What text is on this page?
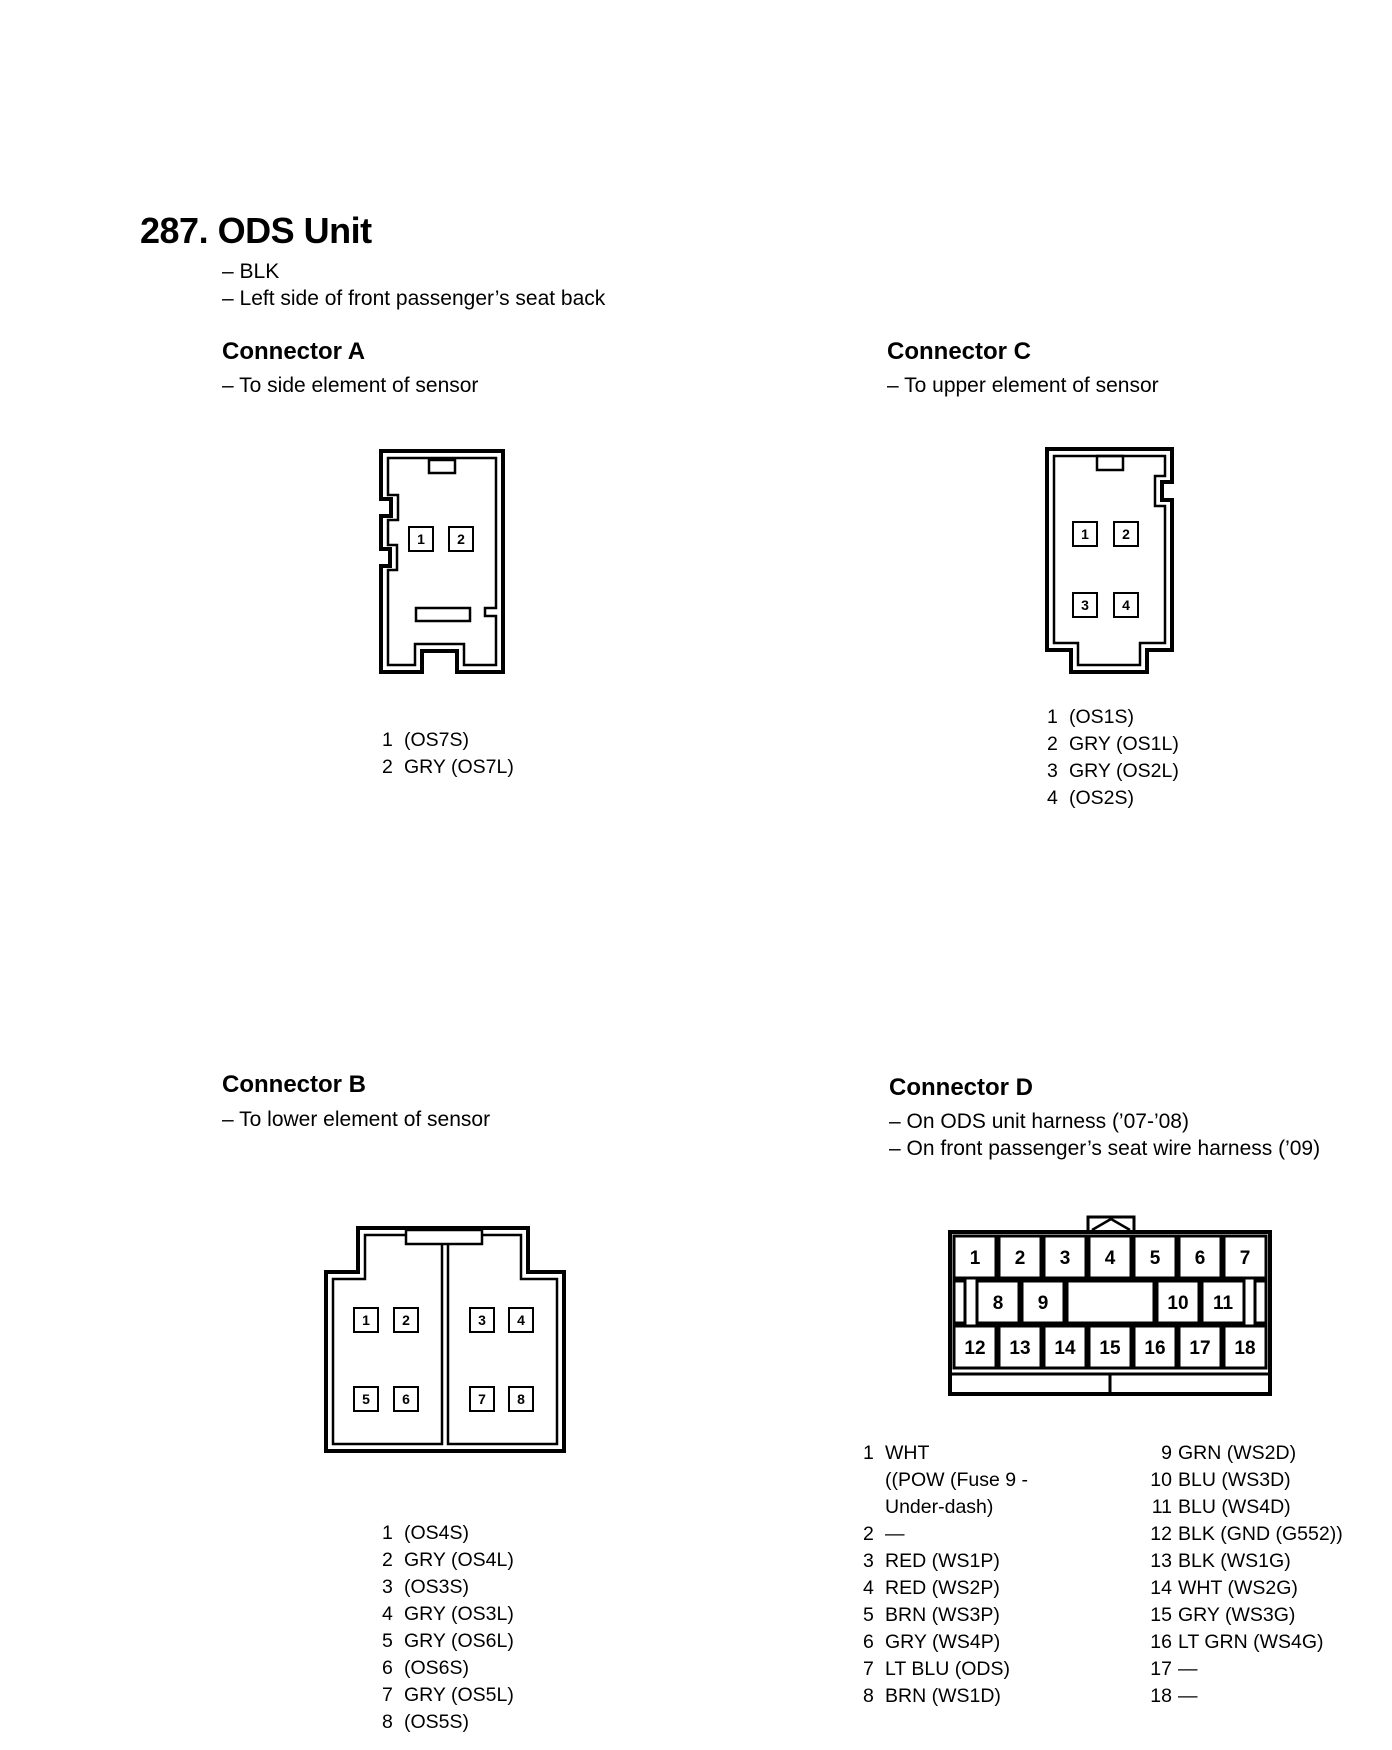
287. ODS Unit
– BLK
– Left side of front passenger’s seat back
Connector A
– To side element of sensor
1 2
1 (OS7S)
2 GRY (OS7L)
Connector C
– To upper element of sensor
1 2
3 4
1 (OS1S)
2 GRY (OS1L)
3 GRY (OS2L)
4 (OS2S)
Connector B
– To lower element of sensor
1 2	3 4
5 6	7 8
1 (OS4S)
2 GRY (OS4L)
3 (OS3S)
4 GRY (OS3L)
5 GRY (OS6L)
6 (OS6S)
7 GRY (OS5L)
8 (OS5S)
Connector D
– On ODS unit harness (’07-’08)
– On front passenger’s seat wire harness (’09)
1 2 3 4 5 6 7
8 9	10 11
12 13 14 15 16 17 18
1 WHT
((POW (Fuse 9 -
Under-dash)
2 —
3 RED (WS1P)
4 RED (WS2P)
5 BRN (WS3P)
6 GRY (WS4P)
7 LT BLU (ODS)
8 BRN (WS1D)
9 GRN (WS2D)
10 BLU (WS3D)
11 BLU (WS4D)
12 BLK (GND (G552))
13 BLK (WS1G)
14 WHT (WS2G)
15 GRY (WS3G)
16 LT GRN (WS4G)
17 —
18 —
